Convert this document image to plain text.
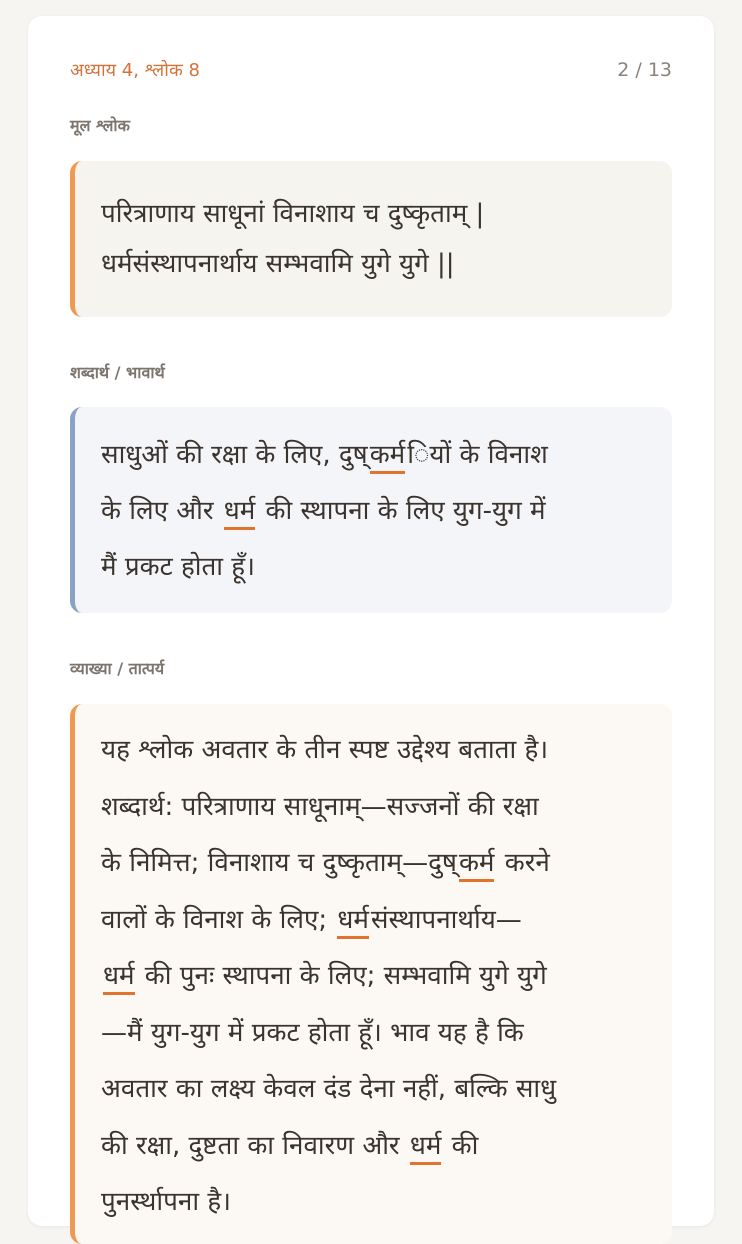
अध्याय 4, श्लोक 8	2 / 13
मूल श्लोक
परित्राणाय साधूनां विनाशाय च दुष्कृताम् |
धर्मसंस्थापनार्थाय सम्भवामि युगे युगे ||
शब्दार्थ / भावार्थ
साधुओं की रक्षा के लिए, दुष्कर्मियों के विनाश
के लिए और धर्म की स्थापना के लिए युग-युग में
मैं प्रकट होता हूँ।
व्याख्या / तात्पर्य
यह श्लोक अवतार के तीन स्पष्ट उद्देश्य बताता है।
शब्दार्थ: परित्राणाय साधूनाम्—सज्जनों की रक्षा
के निमित्त; विनाशाय च दुष्कृताम्—दुष्कर्म करने
वालों के विनाश के लिए; धर्मसंस्थापनार्थाय—
धर्म की पुनः स्थापना के लिए; सम्भवामि युगे युगे
—मैं युग-युग में प्रकट होता हूँ। भाव यह है कि
अवतार का लक्ष्य केवल दंड देना नहीं, बल्कि साधु
की रक्षा, दुष्टता का निवारण और धर्म की
पुनर्स्थापना है।
